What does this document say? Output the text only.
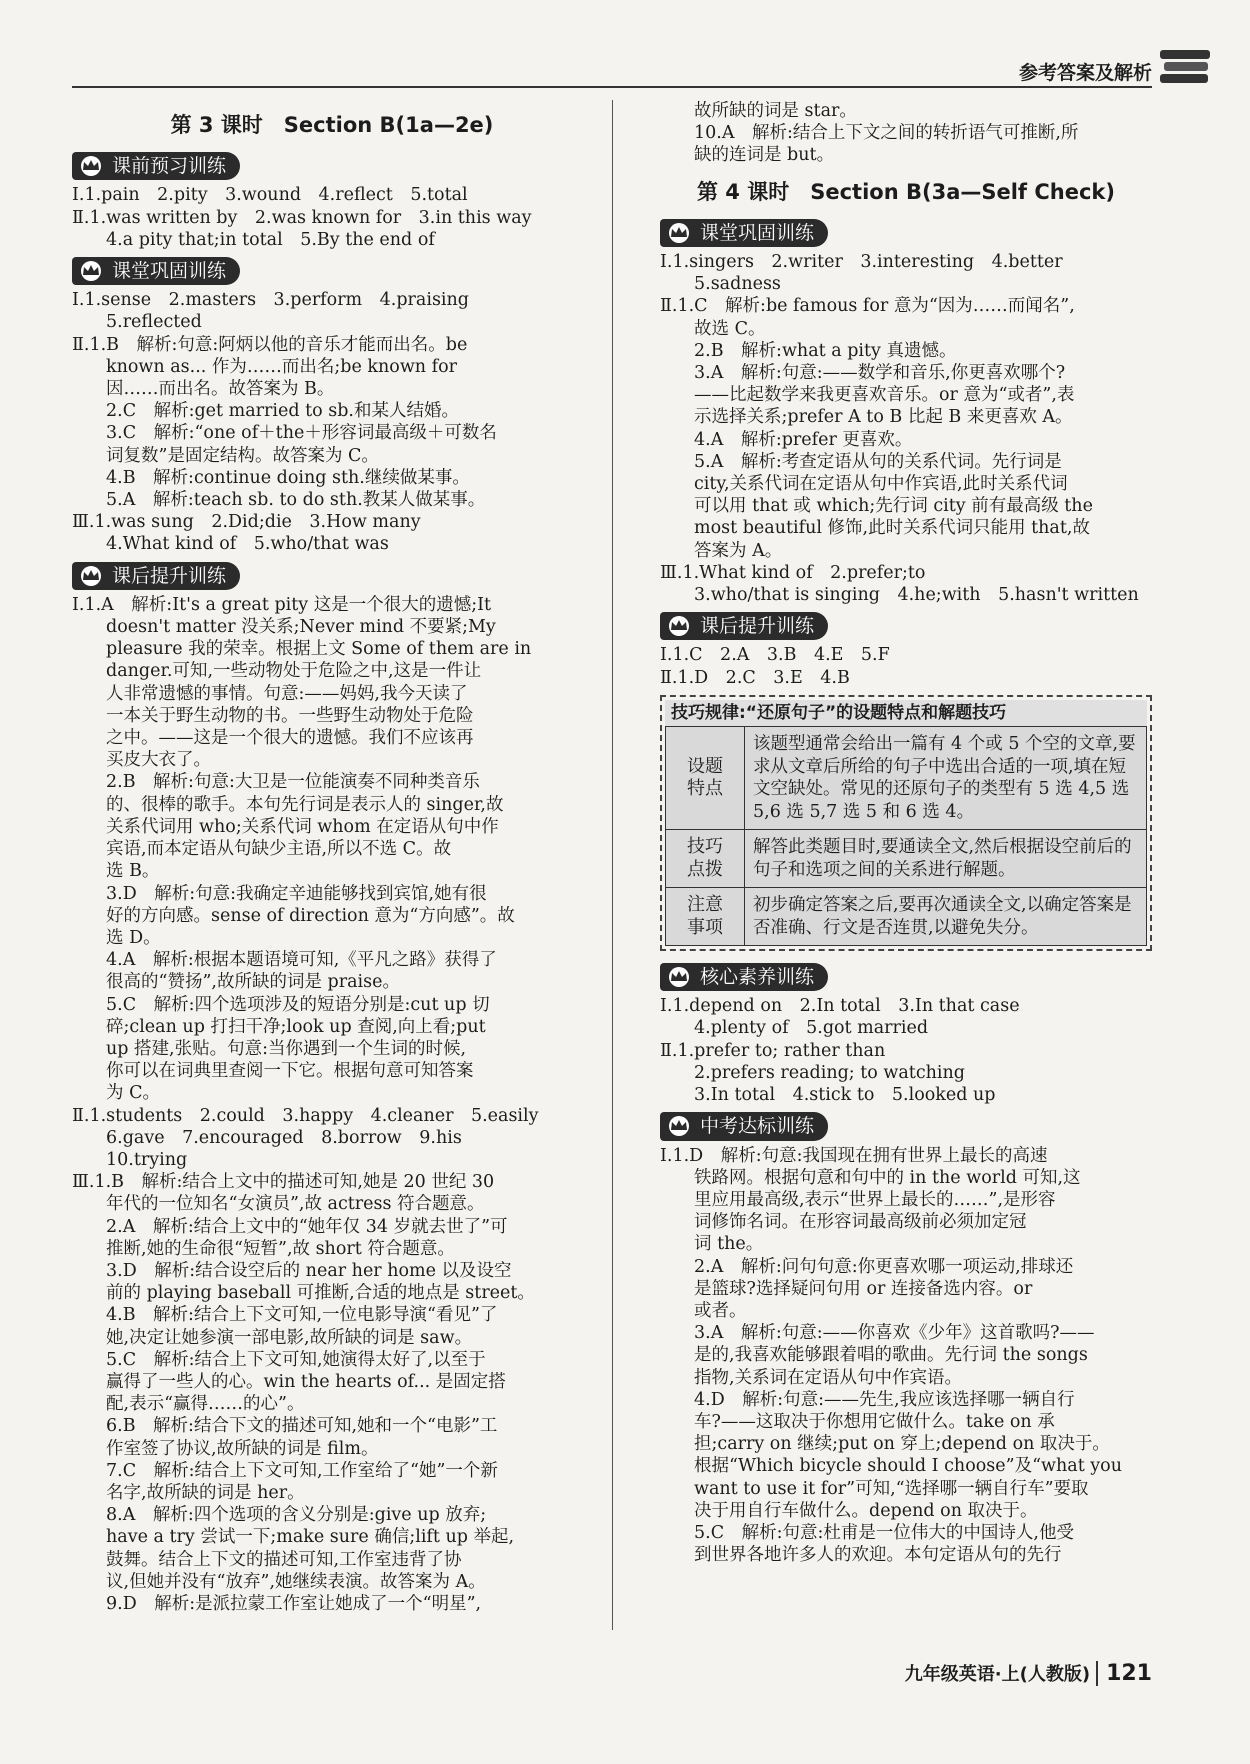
参考答案及解析
第 3 课时　Section B(1a—2e)
课前预习训练

Ⅰ.1.pain　2.pity　3.wound　4.reflect　5.total

Ⅱ.1.was written by　2.was known for　3.in this way

4.a pity that;in total　5.By the end of

课堂巩固训练

Ⅰ.1.sense　2.masters　3.perform　4.praising

5.reflected

Ⅱ.1.B　解析:句意:阿炳以他的音乐才能而出名。be

known as... 作为……而出名;be known for

因……而出名。故答案为 B。

2.C　解析:get married to sb.和某人结婚。

3.C　解析:“one of＋the＋形容词最高级＋可数名

词复数”是固定结构。故答案为 C。

4.B　解析:continue doing sth.继续做某事。

5.A　解析:teach sb. to do sth.教某人做某事。

Ⅲ.1.was sung　2.Did;die　3.How many

4.What kind of　5.who/that was

课后提升训练

Ⅰ.1.A　解析:It's a great pity 这是一个很大的遗憾;It

doesn't matter 没关系;Never mind 不要紧;My

pleasure 我的荣幸。根据上文 Some of them are in

danger.可知,一些动物处于危险之中,这是一件让

人非常遗憾的事情。句意:——妈妈,我今天读了

一本关于野生动物的书。一些野生动物处于危险

之中。——这是一个很大的遗憾。我们不应该再

买皮大衣了。

2.B　解析:句意:大卫是一位能演奏不同种类音乐

的、很棒的歌手。本句先行词是表示人的 singer,故

关系代词用 who;关系代词 whom 在定语从句中作

宾语,而本定语从句缺少主语,所以不选 C。故

选 B。

3.D　解析:句意:我确定辛迪能够找到宾馆,她有很

好的方向感。sense of direction 意为“方向感”。故

选 D。

4.A　解析:根据本题语境可知,《平凡之路》获得了

很高的“赞扬”,故所缺的词是 praise。

5.C　解析:四个选项涉及的短语分别是:cut up 切

碎;clean up 打扫干净;look up 查阅,向上看;put

up 搭建,张贴。句意:当你遇到一个生词的时候,

你可以在词典里查阅一下它。根据句意可知答案

为 C。

Ⅱ.1.students　2.could　3.happy　4.cleaner　5.easily

6.gave　7.encouraged　8.borrow　9.his

10.trying

Ⅲ.1.B　解析:结合上文中的描述可知,她是 20 世纪 30

年代的一位知名“女演员”,故 actress 符合题意。

2.A　解析:结合上文中的“她年仅 34 岁就去世了”可

推断,她的生命很“短暂”,故 short 符合题意。

3.D　解析:结合设空后的 near her home 以及设空

前的 playing baseball 可推断,合适的地点是 street。

4.B　解析:结合上下文可知,一位电影导演“看见”了

她,决定让她参演一部电影,故所缺的词是 saw。

5.C　解析:结合上下文可知,她演得太好了,以至于

赢得了一些人的心。win the hearts of... 是固定搭

配,表示“赢得……的心”。

6.B　解析:结合下文的描述可知,她和一个“电影”工

作室签了协议,故所缺的词是 film。

7.C　解析:结合上下文可知,工作室给了“她”一个新

名字,故所缺的词是 her。

8.A　解析:四个选项的含义分别是:give up 放弃;

have a try 尝试一下;make sure 确信;lift up 举起,

鼓舞。结合上下文的描述可知,工作室违背了协

议,但她并没有“放弃”,她继续表演。故答案为 A。

9.D　解析:是派拉蒙工作室让她成了一个“明星”,

故所缺的词是 star。

10.A　解析:结合上下文之间的转折语气可推断,所

缺的连词是 but。

第 4 课时　Section B(3a—Self Check)
课堂巩固训练

Ⅰ.1.singers　2.writer　3.interesting　4.better

5.sadness

Ⅱ.1.C　解析:be famous for 意为“因为……而闻名”,

故选 C。

2.B　解析:what a pity 真遗憾。

3.A　解析:句意:——数学和音乐,你更喜欢哪个?

——比起数学来我更喜欢音乐。or 意为“或者”,表

示选择关系;prefer A to B 比起 B 来更喜欢 A。

4.A　解析:prefer 更喜欢。

5.A　解析:考查定语从句的关系代词。先行词是

city,关系代词在定语从句中作宾语,此时关系代词

可以用 that 或 which;先行词 city 前有最高级 the

most beautiful 修饰,此时关系代词只能用 that,故

答案为 A。

Ⅲ.1.What kind of　2.prefer;to

3.who/that is singing　4.he;with　5.hasn't written

课后提升训练

Ⅰ.1.C　2.A　3.B　4.E　5.F

Ⅱ.1.D　2.C　3.E　4.B

技巧规律:“还原句子”的设题特点和解题技巧
设题
特点	该题型通常会给出一篇有 4 个或 5 个空的文章,要求从文章后所给的句子中选出合适的一项,填在短文空缺处。常见的还原句子的类型有 5 选 4,5 选 5,6 选 5,7 选 5 和 6 选 4。
技巧
点拨	解答此类题目时,要通读全文,然后根据设空前后的句子和选项之间的关系进行解题。
注意
事项	初步确定答案之后,要再次通读全文,以确定答案是否准确、行文是否连贯,以避免失分。
核心素养训练

Ⅰ.1.depend on　2.In total　3.In that case

4.plenty of　5.got married

Ⅱ.1.prefer to; rather than

2.prefers reading; to watching

3.In total　4.stick to　5.looked up

中考达标训练

Ⅰ.1.D　解析:句意:我国现在拥有世界上最长的高速

铁路网。根据句意和句中的 in the world 可知,这

里应用最高级,表示“世界上最长的……”,是形容

词修饰名词。在形容词最高级前必须加定冠

词 the。

2.A　解析:问句句意:你更喜欢哪一项运动,排球还

是篮球?选择疑问句用 or 连接备选内容。or

或者。

3.A　解析:句意:——你喜欢《少年》这首歌吗?——

是的,我喜欢能够跟着唱的歌曲。先行词 the songs

指物,关系词在定语从句中作宾语。

4.D　解析:句意:——先生,我应该选择哪一辆自行

车?——这取决于你想用它做什么。take on 承

担;carry on 继续;put on 穿上;depend on 取决于。

根据“Which bicycle should I choose”及“what you

want to use it for”可知,“选择哪一辆自行车”要取

决于用自行车做什么。depend on 取决于。

5.C　解析:句意:杜甫是一位伟大的中国诗人,他受

到世界各地许多人的欢迎。本句定语从句的先行

九年级英语·上(人教版) 121
